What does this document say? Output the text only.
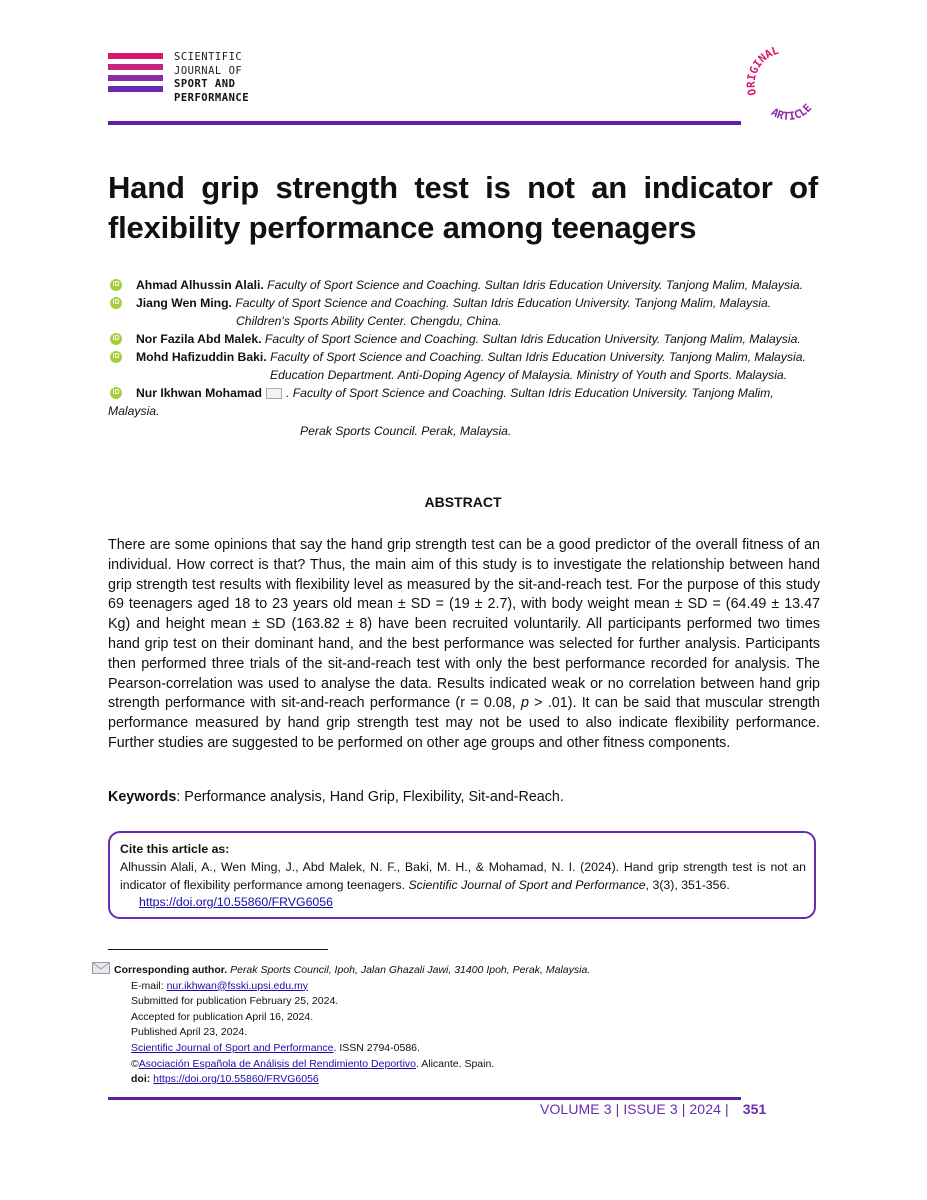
SCIENTIFIC
JOURNAL OF
SPORT AND
PERFORMANCE	ORIGINAL
ARTICLE
Hand grip strength test is not an indicator of flexibility performance among teenagers
iD Ahmad Alhussin Alali. Faculty of Sport Science and Coaching. Sultan Idris Education University. Tanjong Malim, Malaysia.
iD Jiang Wen Ming. Faculty of Sport Science and Coaching. Sultan Idris Education University. Tanjong Malim, Malaysia.
Children's Sports Ability Center. Chengdu, China.
iD Nor Fazila Abd Malek. Faculty of Sport Science and Coaching. Sultan Idris Education University. Tanjong Malim, Malaysia.
iD Mohd Hafizuddin Baki. Faculty of Sport Science and Coaching. Sultan Idris Education University. Tanjong Malim, Malaysia.
Education Department. Anti-Doping Agency of Malaysia. Ministry of Youth and Sports. Malaysia.
iD Nur Ikhwan Mohamad . Faculty of Sport Science and Coaching. Sultan Idris Education University. Tanjong Malim,
Malaysia.
Perak Sports Council. Perak, Malaysia.
ABSTRACT
There are some opinions that say the hand grip strength test can be a good predictor of the overall fitness of an individual. How correct is that? Thus, the main aim of this study is to investigate the relationship between hand grip strength test results with flexibility level as measured by the sit-and-reach test. For the purpose of this study 69 teenagers aged 18 to 23 years old mean ± SD = (19 ± 2.7), with body weight mean ± SD = (64.49 ± 13.47 Kg) and height mean ± SD (163.82 ± 8) have been recruited voluntarily. All participants performed two times hand grip test on their dominant hand, and the best performance was selected for further analysis. Participants then performed three trials of the sit-and-reach test with only the best performance recorded for analysis. The Pearson-correlation was used to analyse the data. Results indicated weak or no correlation between hand grip strength performance with sit-and-reach performance (r = 0.08, p > .01). It can be said that muscular strength performance measured by hand grip strength test may not be used to also indicate flexibility performance. Further studies are suggested to be performed on other age groups and other fitness components.
Keywords: Performance analysis, Hand Grip, Flexibility, Sit-and-Reach.
Cite this article as:
Alhussin Alali, A., Wen Ming, J., Abd Malek, N. F., Baki, M. H., & Mohamad, N. I. (2024). Hand grip strength test is not an indicator of flexibility performance among teenagers. Scientific Journal of Sport and Performance, 3(3), 351-356.
https://doi.org/10.55860/FRVG6056
Corresponding author. Perak Sports Council, Ipoh, Jalan Ghazali Jawi, 31400 Ipoh, Perak, Malaysia.
E-mail: nur.ikhwan@fsski.upsi.edu.my
Submitted for publication February 25, 2024.
Accepted for publication April 16, 2024.
Published April 23, 2024.
Scientific Journal of Sport and Performance. ISSN 2794-0586.
©Asociación Española de Análisis del Rendimiento Deportivo. Alicante. Spain.
doi: https://doi.org/10.55860/FRVG6056
VOLUME 3 | ISSUE 3 | 2024 | 351
